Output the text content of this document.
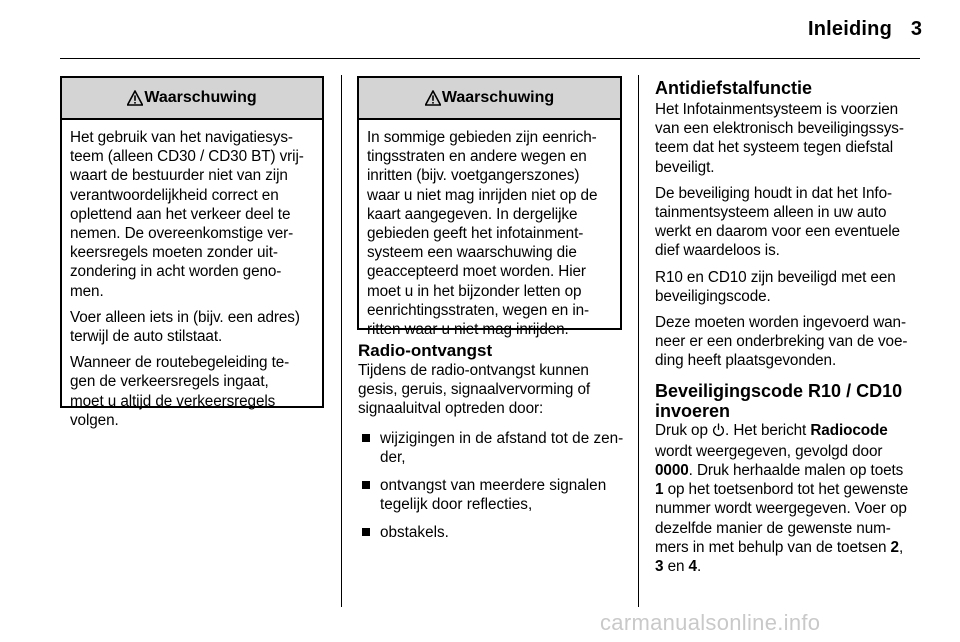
Inleiding 3
Waarschuwing

Het gebruik van het navigatiesys-
teem (alleen CD30 / CD30 BT) vrij-
waart de bestuurder niet van zijn
verantwoordelijkheid correct en
oplettend aan het verkeer deel te
nemen. De overeenkomstige ver-
keersregels moeten zonder uit-
zondering in acht worden geno-
men.

Voer alleen iets in (bijv. een adres)
terwijl de auto stilstaat.

Wanneer de routebegeleiding te-
gen de verkeersregels ingaat,
moet u altijd de verkeersregels
volgen.

Waarschuwing

In sommige gebieden zijn eenrich-
tingsstraten en andere wegen en
inritten (bijv. voetgangerszones)
waar u niet mag inrijden niet op de
kaart aangegeven. In dergelijke
gebieden geeft het infotainment-
systeem een waarschuwing die
geaccepteerd moet worden. Hier
moet u in het bijzonder letten op
eenrichtingsstraten, wegen en in-
ritten waar u niet mag inrijden.

Radio-ontvangst

Tijdens de radio-ontvangst kunnen
gesis, geruis, signaalvervorming of
signaaluitval optreden door:

wijzigingen in de afstand tot de zen-
der,
ontvangst van meerdere signalen
tegelijk door reflecties,
obstakels.
Antidiefstalfunctie

Het Infotainmentsysteem is voorzien
van een elektronisch beveiligingssys-
teem dat het systeem tegen diefstal
beveiligt.

De beveiliging houdt in dat het Info-
tainmentsysteem alleen in uw auto
werkt en daarom voor een eventuele
dief waardeloos is.

R10 en CD10 zijn beveiligd met een
beveiligingscode.

Deze moeten worden ingevoerd wan-
neer er een onderbreking van de voe-
ding heeft plaatsgevonden.

Beveiligingscode R10 / CD10
invoeren

Druk op . Het bericht Radiocode
wordt weergegeven, gevolgd door
0000. Druk herhaalde malen op toets
1 op het toetsenbord tot het gewenste
nummer wordt weergegeven. Voer op
dezelfde manier de gewenste num-
mers in met behulp van de toetsen 2,
3 en 4.

carmanualsonline.info
